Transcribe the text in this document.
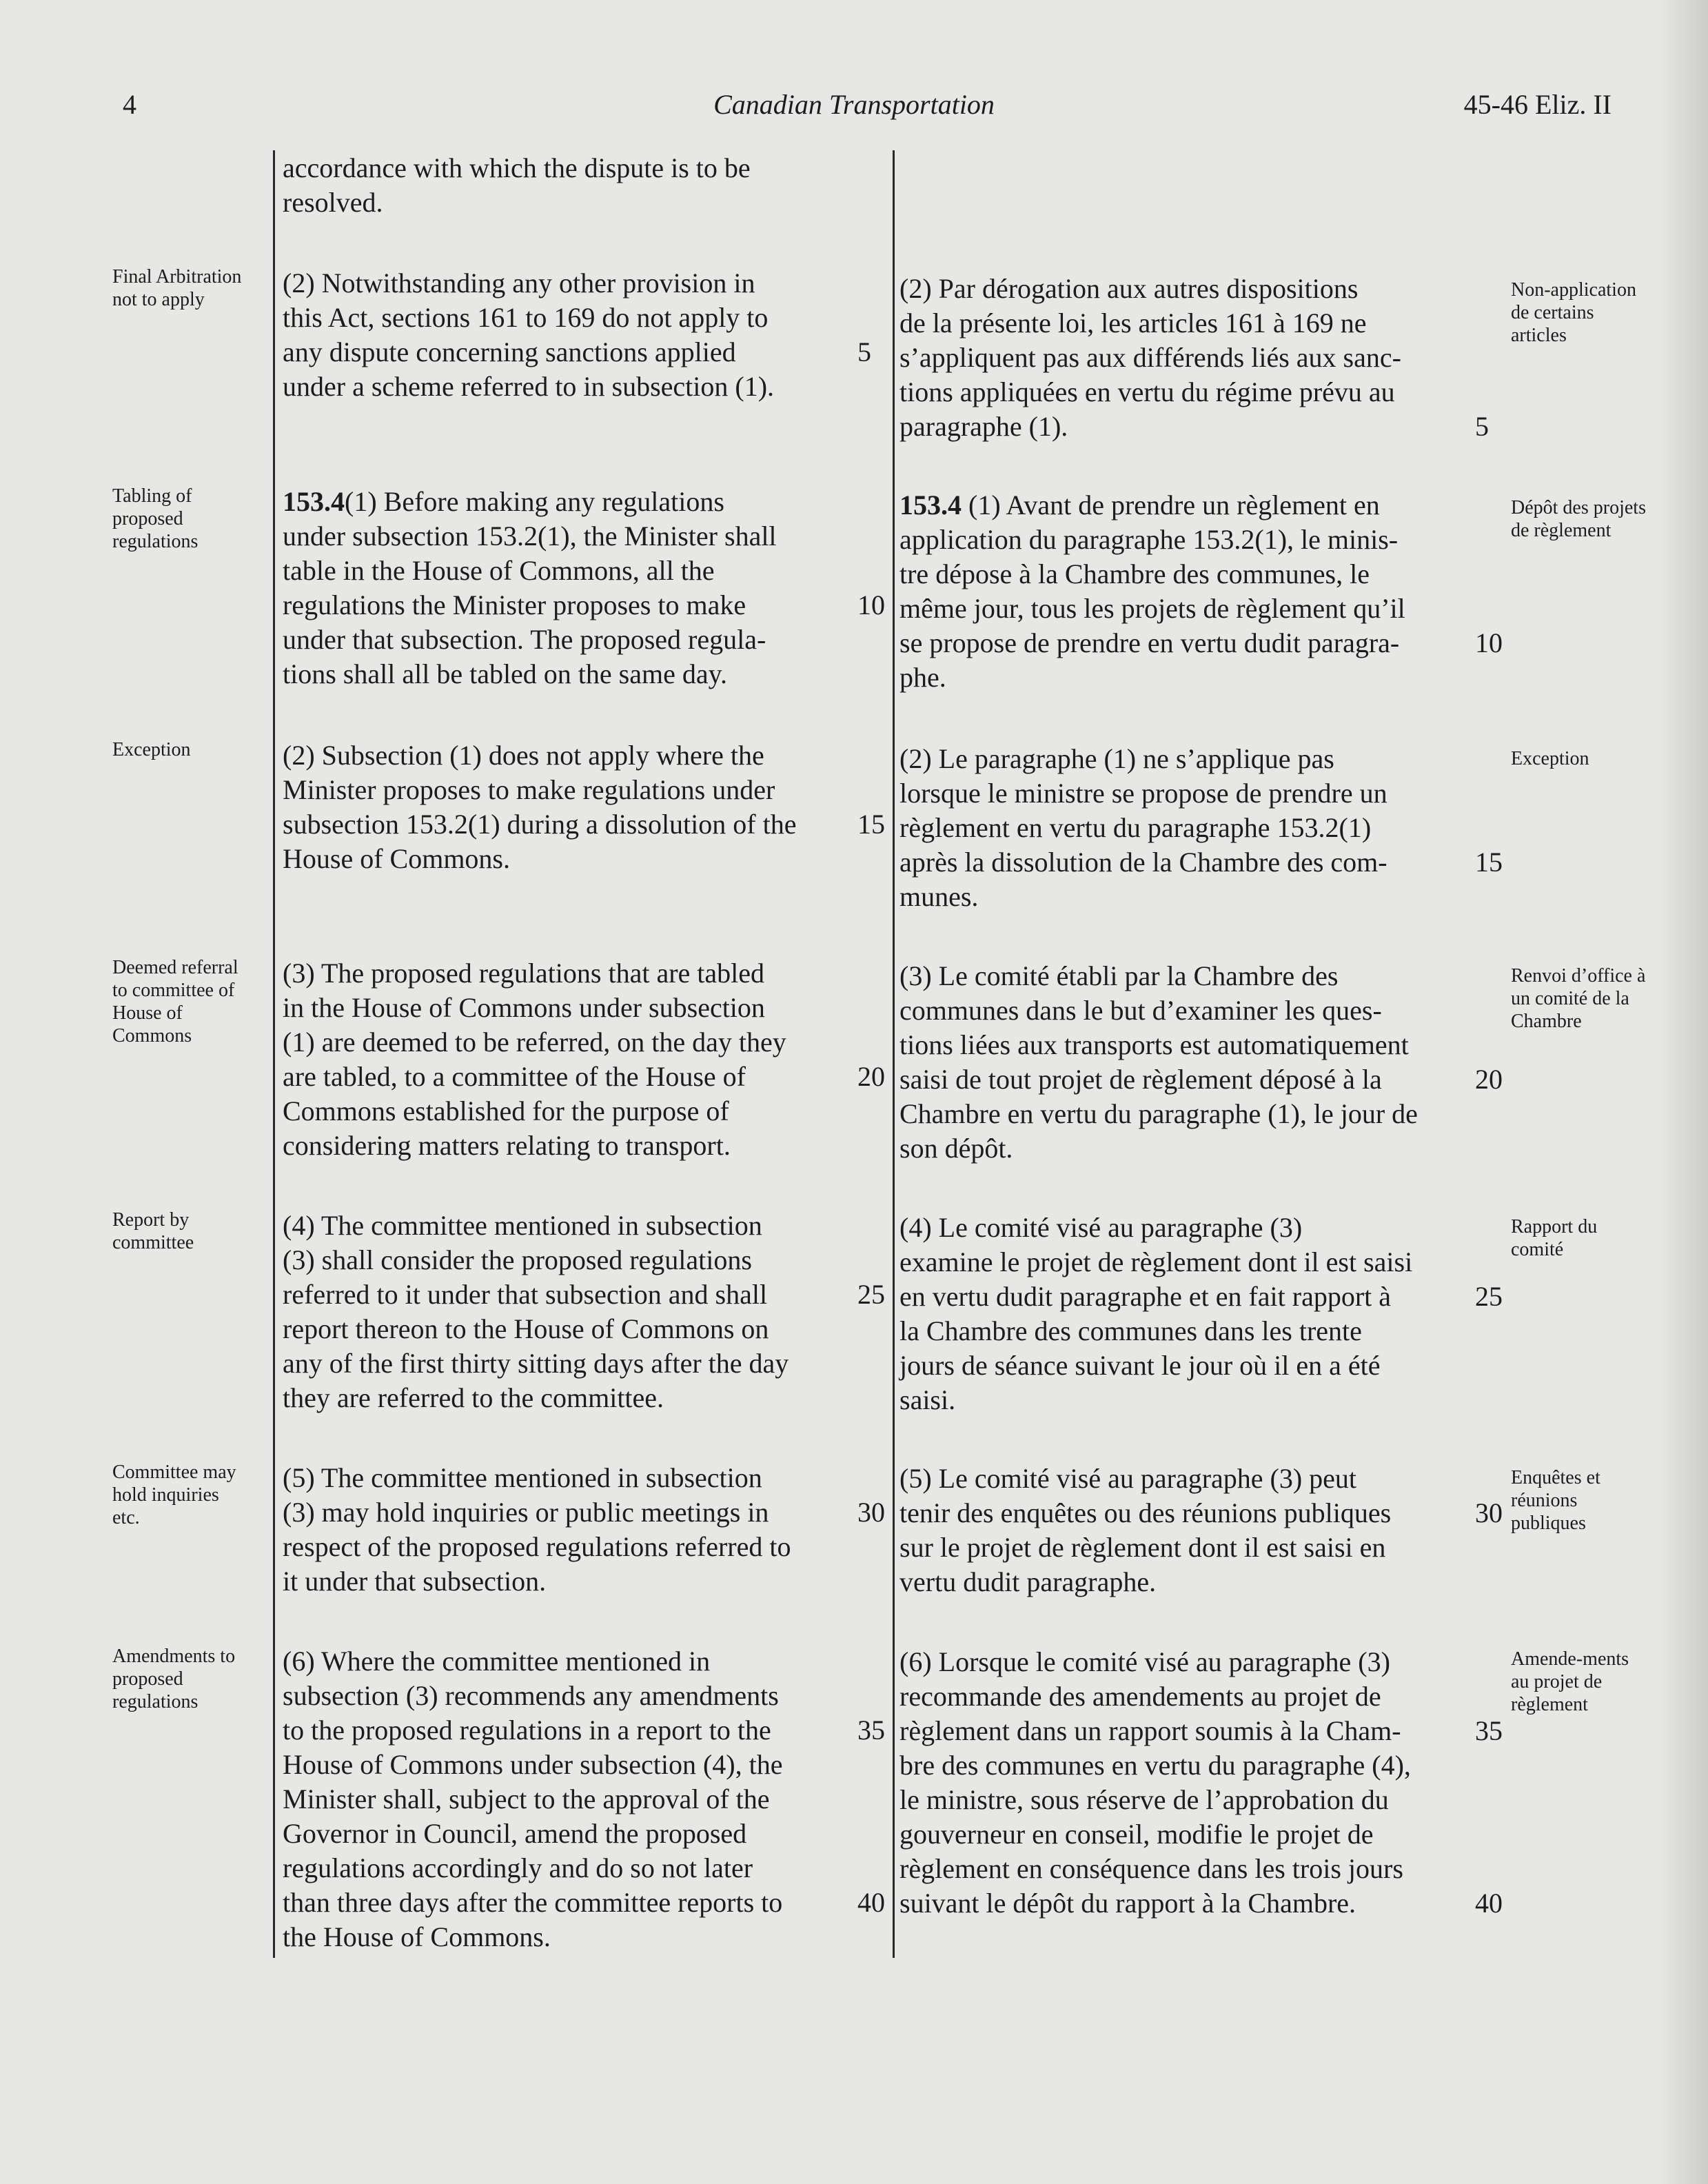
4	Canadian Transportation	45-46 Eliz. II
Final Arbitration not to apply
Tabling of proposed regulations
Exception
Deemed referral to committee of House of Commons
Report by committee
Committee may hold inquiries etc.
Amendments to proposed regulations
Non-application de certains articles
Dépôt des projets de règlement
Exception
Renvoi d’office à un comité de la Chambre
Rapport du comité
Enquêtes et réunions publiques
Amende-ments au projet de règlement
accordance with which the dispute is to be
resolved.
(2) Notwithstanding any other provision in
this Act, sections 161 to 169 do not apply to
any dispute concerning sanctions applied
under a scheme referred to in subsection (1).
153.4(1) Before making any regulations
under subsection 153.2(1), the Minister shall
table in the House of Commons, all the
regulations the Minister proposes to make
under that subsection. The proposed regula-
tions shall all be tabled on the same day.
(2) Subsection (1) does not apply where the
Minister proposes to make regulations under
subsection 153.2(1) during a dissolution of the
House of Commons.
(3) The proposed regulations that are tabled
in the House of Commons under subsection
(1) are deemed to be referred, on the day they
are tabled, to a committee of the House of
Commons established for the purpose of
considering matters relating to transport.
(4) The committee mentioned in subsection
(3) shall consider the proposed regulations
referred to it under that subsection and shall
report thereon to the House of Commons on
any of the first thirty sitting days after the day
they are referred to the committee.
(5) The committee mentioned in subsection
(3) may hold inquiries or public meetings in
respect of the proposed regulations referred to
it under that subsection.
(6) Where the committee mentioned in
subsection (3) recommends any amendments
to the proposed regulations in a report to the
House of Commons under subsection (4), the
Minister shall, subject to the approval of the
Governor in Council, amend the proposed
regulations accordingly and do so not later
than three days after the committee reports to
the House of Commons.
5
10
15
20
25
30
35
40
(2) Par dérogation aux autres dispositions
de la présente loi, les articles 161 à 169 ne
s’appliquent pas aux différends liés aux sanc-
tions appliquées en vertu du régime prévu au
paragraphe (1).
153.4 (1) Avant de prendre un règlement en
application du paragraphe 153.2(1), le minis-
tre dépose à la Chambre des communes, le
même jour, tous les projets de règlement qu’il
se propose de prendre en vertu dudit paragra-
phe.
(2) Le paragraphe (1) ne s’applique pas
lorsque le ministre se propose de prendre un
règlement en vertu du paragraphe 153.2(1)
après la dissolution de la Chambre des com-
munes.
(3) Le comité établi par la Chambre des
communes dans le but d’examiner les ques-
tions liées aux transports est automatiquement
saisi de tout projet de règlement déposé à la
Chambre en vertu du paragraphe (1), le jour de
son dépôt.
(4) Le comité visé au paragraphe (3)
examine le projet de règlement dont il est saisi
en vertu dudit paragraphe et en fait rapport à
la Chambre des communes dans les trente
jours de séance suivant le jour où il en a été
saisi.
(5) Le comité visé au paragraphe (3) peut
tenir des enquêtes ou des réunions publiques
sur le projet de règlement dont il est saisi en
vertu dudit paragraphe.
(6) Lorsque le comité visé au paragraphe (3)
recommande des amendements au projet de
règlement dans un rapport soumis à la Cham-
bre des communes en vertu du paragraphe (4),
le ministre, sous réserve de l’approbation du
gouverneur en conseil, modifie le projet de
règlement en conséquence dans les trois jours
suivant le dépôt du rapport à la Chambre.
5
10
15
20
25
30
35
40
